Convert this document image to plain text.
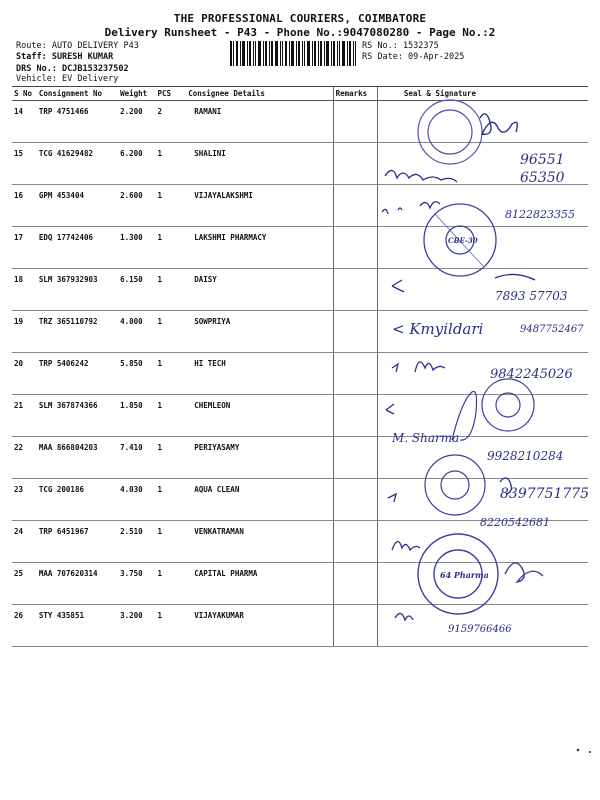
THE PROFESSIONAL COURIERS, COIMBATORE
Delivery Runsheet - P43 - Phone No.:9047080280 - Page No.:2
Route: AUTO DELIVERY P43
Staff: SURESH KUMAR
DRS No.: DCJB153237502
Vehicle: EV Delivery
RS No.: 1532375
RS Date: 09-Apr-2025
S No	Consignment No	Weight	PCS	Consignee Details	Remarks	Seal & Signature
14	TRP 4751466	2.200	2	RAMANI		
15	TCG 41629482	6.200	1	SHALINI		
16	GPM 453404	2.600	1	VIJAYALAKSHMI		
17	EDQ 17742406	1.300	1	LAKSHMI PHARMACY		
18	SLM 367932903	6.150	1	DAISY		
19	TRZ 365110792	4.000	1	SOWPRIYA		
20	TRP 5406242	5.850	1	HI TECH		
21	SLM 367874366	1.850	1	CHEMLEON		
22	MAA 866804203	7.410	1	PERIYASAMY		
23	TCG 200186	4.030	1	AQUA CLEAN		
24	TRP 6451967	2.510	1	VENKATRAMAN		
25	MAA 707620314	3.750	1	CAPITAL PHARMA		
26	STY 435851	3.200	1	VIJAYAKUMAR		
96551
65350
CBE-30
8122823355
7893 57703
< Kmyildari	9487752467
9842245026
M. Sharma
9928210284
8397751775
8220542681
64 Pharma
9159766466
